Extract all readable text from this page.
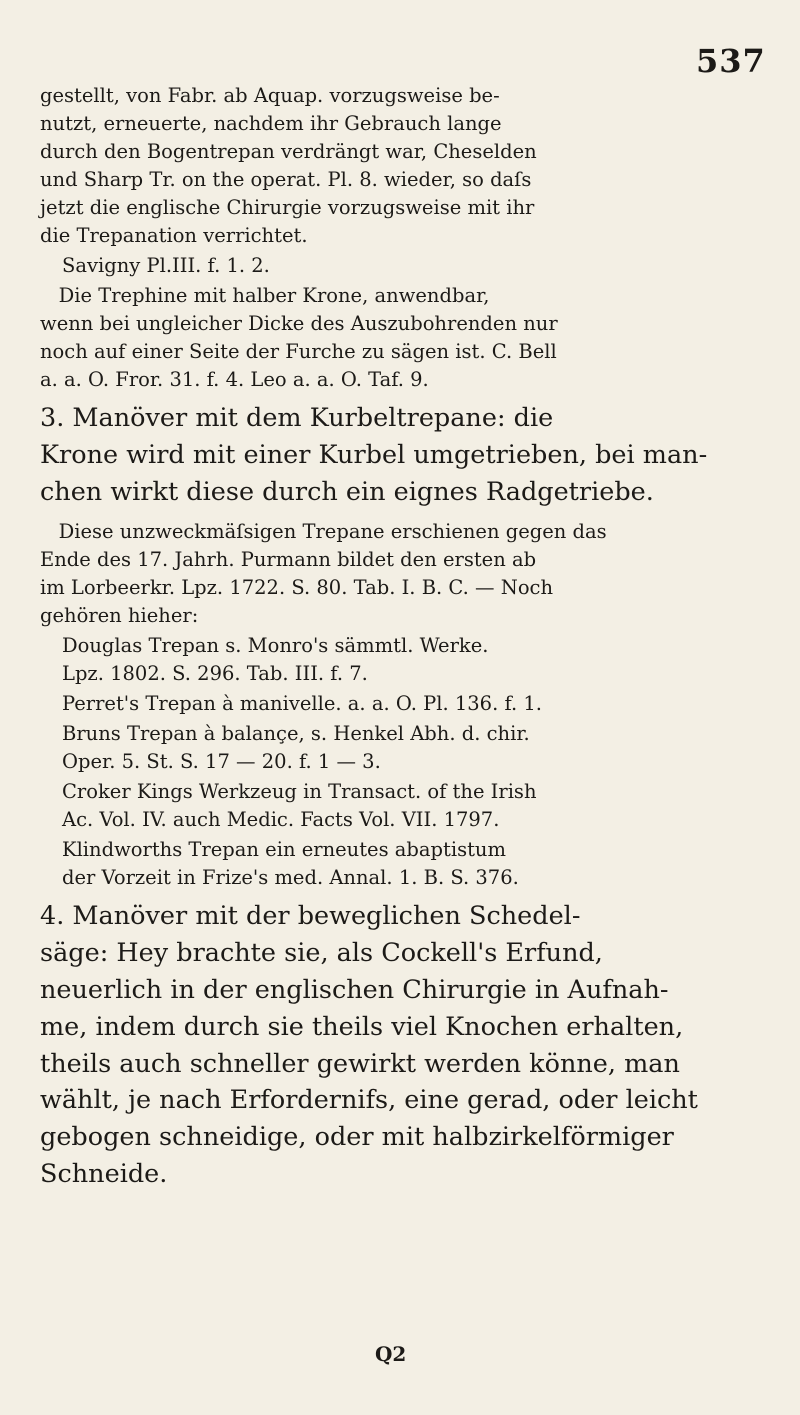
537
gestellt, von Fabr. ab Aquap. vorzugsweise be-
nutzt, erneuerte, nachdem ihr Gebrauch lange
durch den Bogentrepan verdrängt war, Cheselden
und Sharp Tr. on the operat. Pl. 8. wieder, so daſs
jetzt die englische Chirurgie vorzugsweise mit ihr
die Trepanation verrichtet.
Savigny Pl.III. f. 1. 2.
Die Trephine mit halber Krone, anwendbar,
wenn bei ungleicher Dicke des Auszubohrenden nur
noch auf einer Seite der Furche zu sägen ist. C. Bell
a. a. O. Fror. 31. f. 4. Leo a. a. O. Taf. 9.
3. Manöver mit dem Kurbeltrepane: die
Krone wird mit einer Kurbel umgetrieben, bei man-
chen wirkt diese durch ein eignes Radgetriebe.
Diese unzweckmäſsigen Trepane erschienen gegen das
Ende des 17. Jahrh. Purmann bildet den ersten ab
im Lorbeerkr. Lpz. 1722. S. 80. Tab. I. B. C. — Noch
gehören hieher:
Douglas Trepan s. Monro's sämmtl. Werke.
Lpz. 1802. S. 296. Tab. III. f. 7.
Perret's Trepan à manivelle. a. a. O. Pl. 136. f. 1.
Bruns Trepan à balançe, s. Henkel Abh. d. chir.
Oper. 5. St. S. 17 — 20. f. 1 — 3.
Croker Kings Werkzeug in Transact. of the Irish
Ac. Vol. IV. auch Medic. Facts Vol. VII. 1797.
Klindworths Trepan ein erneutes abaptistum
der Vorzeit in Frize's med. Annal. 1. B. S. 376.
4. Manöver mit der beweglichen Schedel-
säge: Hey brachte sie, als Cockell's Erfund,
neuerlich in der englischen Chirurgie in Aufnah-
me, indem durch sie theils viel Knochen erhalten,
theils auch schneller gewirkt werden könne, man
wählt, je nach Erfordernifs, eine gerad, oder leicht
gebogen schneidige, oder mit halbzirkelförmiger
Schneide.
Q2
